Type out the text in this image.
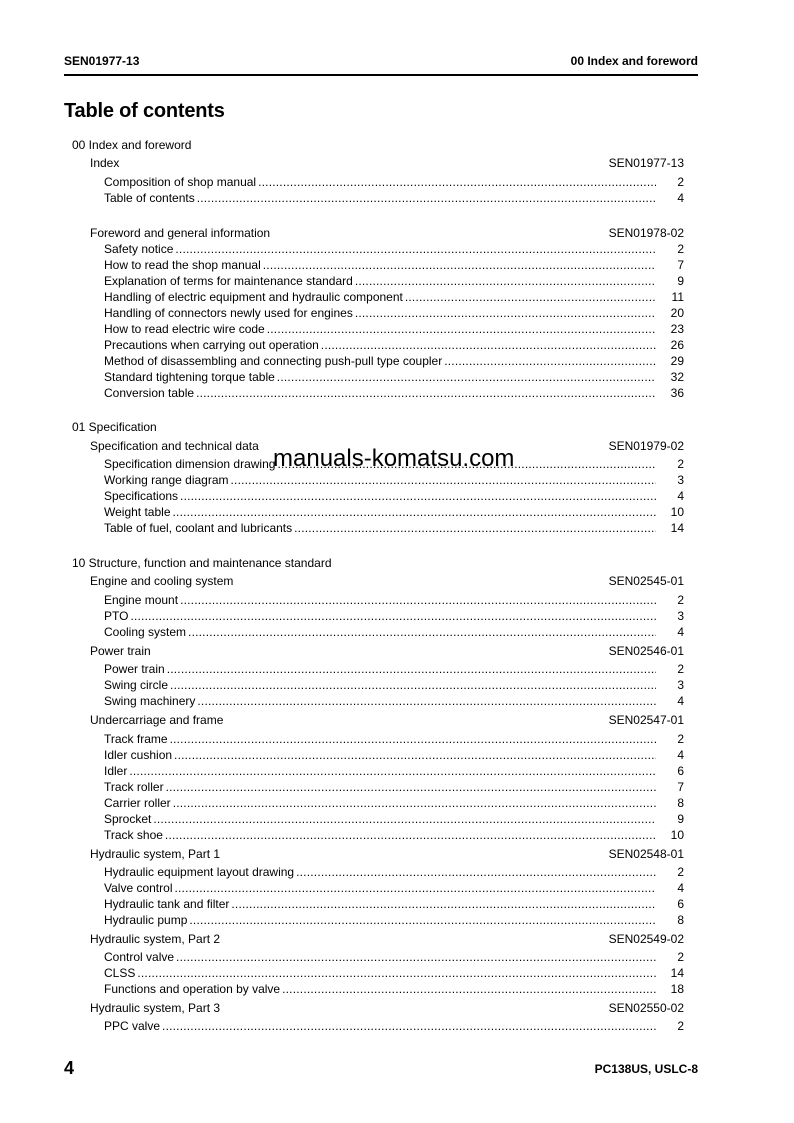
SEN01977-13	00 Index and foreword
Table of contents
00 Index and foreword
Index	SEN01977-13
Composition of shop manual .....	2
Table of contents .....	4
Foreword and general information	SEN01978-02
Safety notice .....	2
How to read the shop manual .....	7
Explanation of terms for maintenance standard .....	9
Handling of electric equipment and hydraulic component .....	11
Handling of connectors newly used for engines .....	20
How to read electric wire code .....	23
Precautions when carrying out operation .....	26
Method of disassembling and connecting push-pull type coupler .....	29
Standard tightening torque table .....	32
Conversion table .....	36
01 Specification
Specification and technical data	SEN01979-02
Specification dimension drawing .....	2
Working range diagram .....	3
Specifications .....	4
Weight table .....	10
Table of fuel, coolant and lubricants .....	14
10 Structure, function and maintenance standard
Engine and cooling system	SEN02545-01
Engine mount .....	2
PTO .....	3
Cooling system .....	4
Power train	SEN02546-01
Power train .....	2
Swing circle .....	3
Swing machinery .....	4
Undercarriage and frame	SEN02547-01
Track frame .....	2
Idler cushion .....	4
Idler .....	6
Track roller .....	7
Carrier roller .....	8
Sprocket .....	9
Track shoe .....	10
Hydraulic system, Part 1	SEN02548-01
Hydraulic equipment layout drawing .....	2
Valve control .....	4
Hydraulic tank and filter .....	6
Hydraulic pump .....	8
Hydraulic system, Part 2	SEN02549-02
Control valve .....	2
CLSS .....	14
Functions and operation by valve .....	18
Hydraulic system, Part 3	SEN02550-02
PPC valve .....	2
manuals-komatsu.com
4	PC138US, USLC-8
